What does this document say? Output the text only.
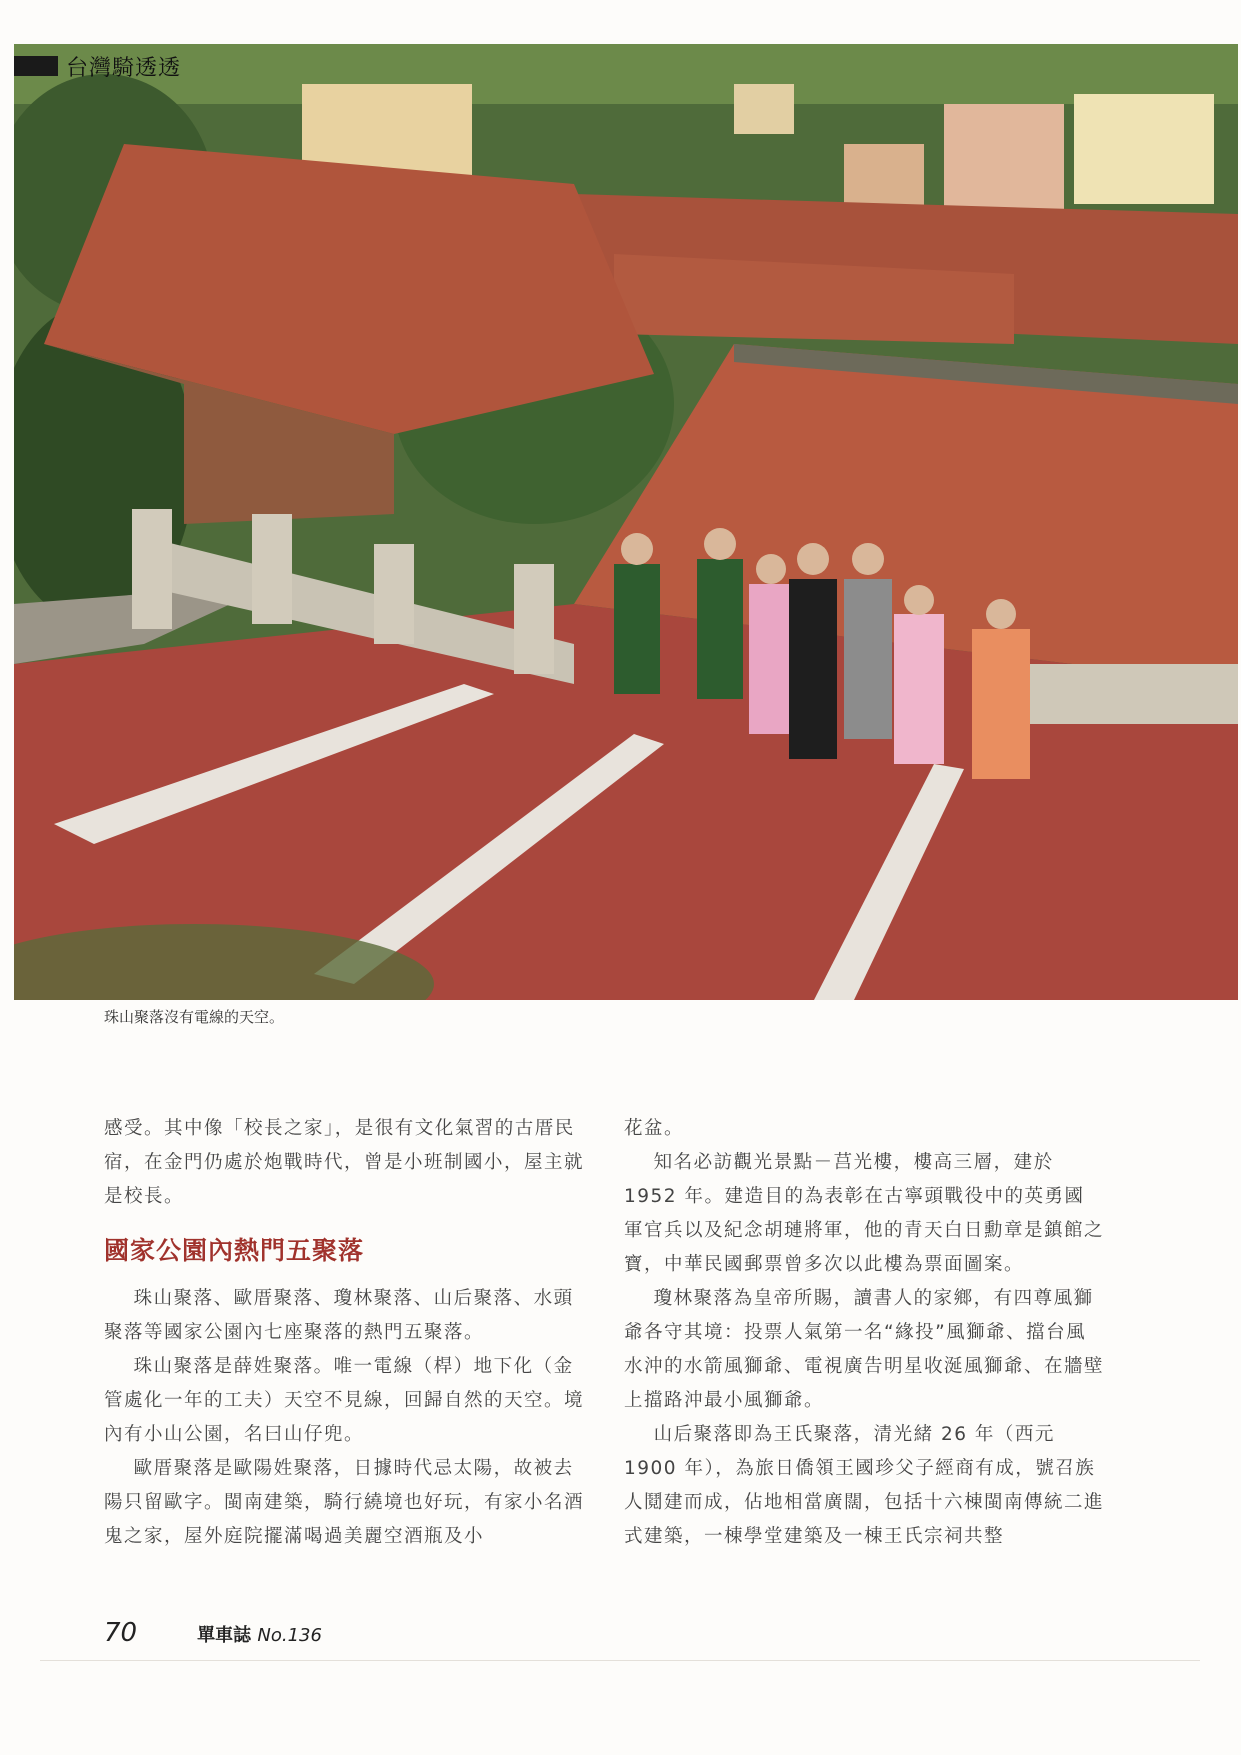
台灣騎透透
珠山聚落沒有電線的天空。

感受。其中像「校長之家」，是很有文化氣習的古厝民宿，在金門仍處於炮戰時代，曾是小班制國小，屋主就是校長。

國家公園內熱門五聚落

珠山聚落、歐厝聚落、瓊林聚落、山后聚落、水頭聚落等國家公園內七座聚落的熱門五聚落。

珠山聚落是薛姓聚落。唯一電線（桿）地下化（金管處化一年的工夫）天空不見線，回歸自然的天空。境內有小山公園，名曰山仔兜。

歐厝聚落是歐陽姓聚落，日據時代忌太陽，故被去陽只留歐字。閩南建築，騎行繞境也好玩，有家小名酒鬼之家，屋外庭院擺滿喝過美麗空酒瓶及小

花盆。

知名必訪觀光景點－莒光樓，樓高三層，建於 1952 年。建造目的為表彰在古寧頭戰役中的英勇國軍官兵以及紀念胡璉將軍，他的青天白日勳章是鎮館之寶，中華民國郵票曾多次以此樓為票面圖案。

瓊林聚落為皇帝所賜，讀書人的家鄉，有四尊風獅爺各守其境：投票人氣第一名“緣投”風獅爺、擋台風水沖的水箭風獅爺、電視廣告明星收涎風獅爺、在牆壁上擋路沖最小風獅爺。

山后聚落即為王氏聚落，清光緒 26 年（西元 1900 年），為旅日僑領王國珍父子經商有成，號召族人鬩建而成，佔地相當廣闊，包括十六棟閩南傳統二進式建築，一棟學堂建築及一棟王氏宗祠共整

70	單車誌 No.136
